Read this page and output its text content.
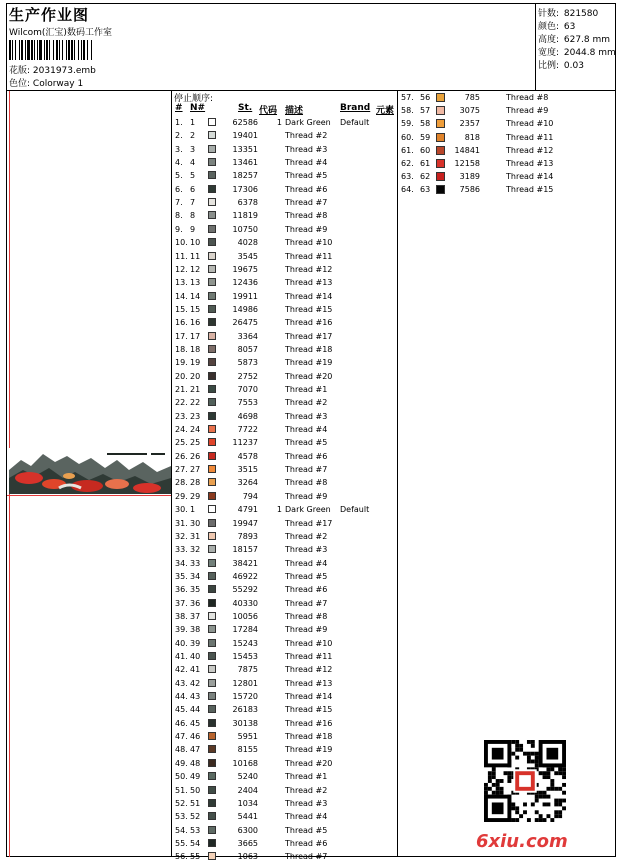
生产作业图
Wilcom(汇宝)数码工作室
花版: 2031973.emb
色位: Colorway 1
针数: 821580
颜色: 63
高度: 627.8 mm
宽度: 2044.8 mm
比例: 0.03
停止顺序:
# N#	St. 代码 描述	Brand 元素
1. 1	62586	1 Dark Green Default
2. 2	19401	Thread #2
3. 3	13351	Thread #3
4. 4	13461	Thread #4
5. 5	18257	Thread #5
6. 6	17306	Thread #6
7. 7	6378	Thread #7
8. 8	11819	Thread #8
9. 9	10750	Thread #9
10. 10	4028	Thread #10
11. 11	3545	Thread #11
12. 12	19675	Thread #12
13. 13	12436	Thread #13
14. 14	19911	Thread #14
15. 15	14986	Thread #15
16. 16	26475	Thread #16
17. 17	3364	Thread #17
18. 18	8057	Thread #18
19. 19	5873	Thread #19
20. 20	2752	Thread #20
21. 21	7070	Thread #1
22. 22	7553	Thread #2
23. 23	4698	Thread #3
24. 24	7722	Thread #4
25. 25	11237	Thread #5
26. 26	4578	Thread #6
27. 27	3515	Thread #7
28. 28	3264	Thread #8
29. 29	794	Thread #9
30. 1	4791	1 Dark Green Default
31. 30	19947	Thread #17
32. 31	7893	Thread #2
33. 32	18157	Thread #3
34. 33	38421	Thread #4
35. 34	46922	Thread #5
36. 35	55292	Thread #6
37. 36	40330	Thread #7
38. 37	10056	Thread #8
39. 38	17284	Thread #9
40. 39	15243	Thread #10
41. 40	15453	Thread #11
42. 41	7875	Thread #12
43. 42	12801	Thread #13
44. 43	15720	Thread #14
45. 44	26183	Thread #15
46. 45	30138	Thread #16
47. 46	5951	Thread #18
48. 47	8155	Thread #19
49. 48	10168	Thread #20
50. 49	5240	Thread #1
51. 50	2404	Thread #2
52. 51	1034	Thread #3
53. 52	5441	Thread #4
54. 53	6300	Thread #5
55. 54	3665	Thread #6
56. 55	1063	Thread #7
57. 56	785	Thread #8
58. 57	3075	Thread #9
59. 58	2357	Thread #10
60. 59	818	Thread #11
61. 60	14841	Thread #12
62. 61	12158	Thread #13
63. 62	3189	Thread #14
64. 63	7586	Thread #15
6xiu.com
